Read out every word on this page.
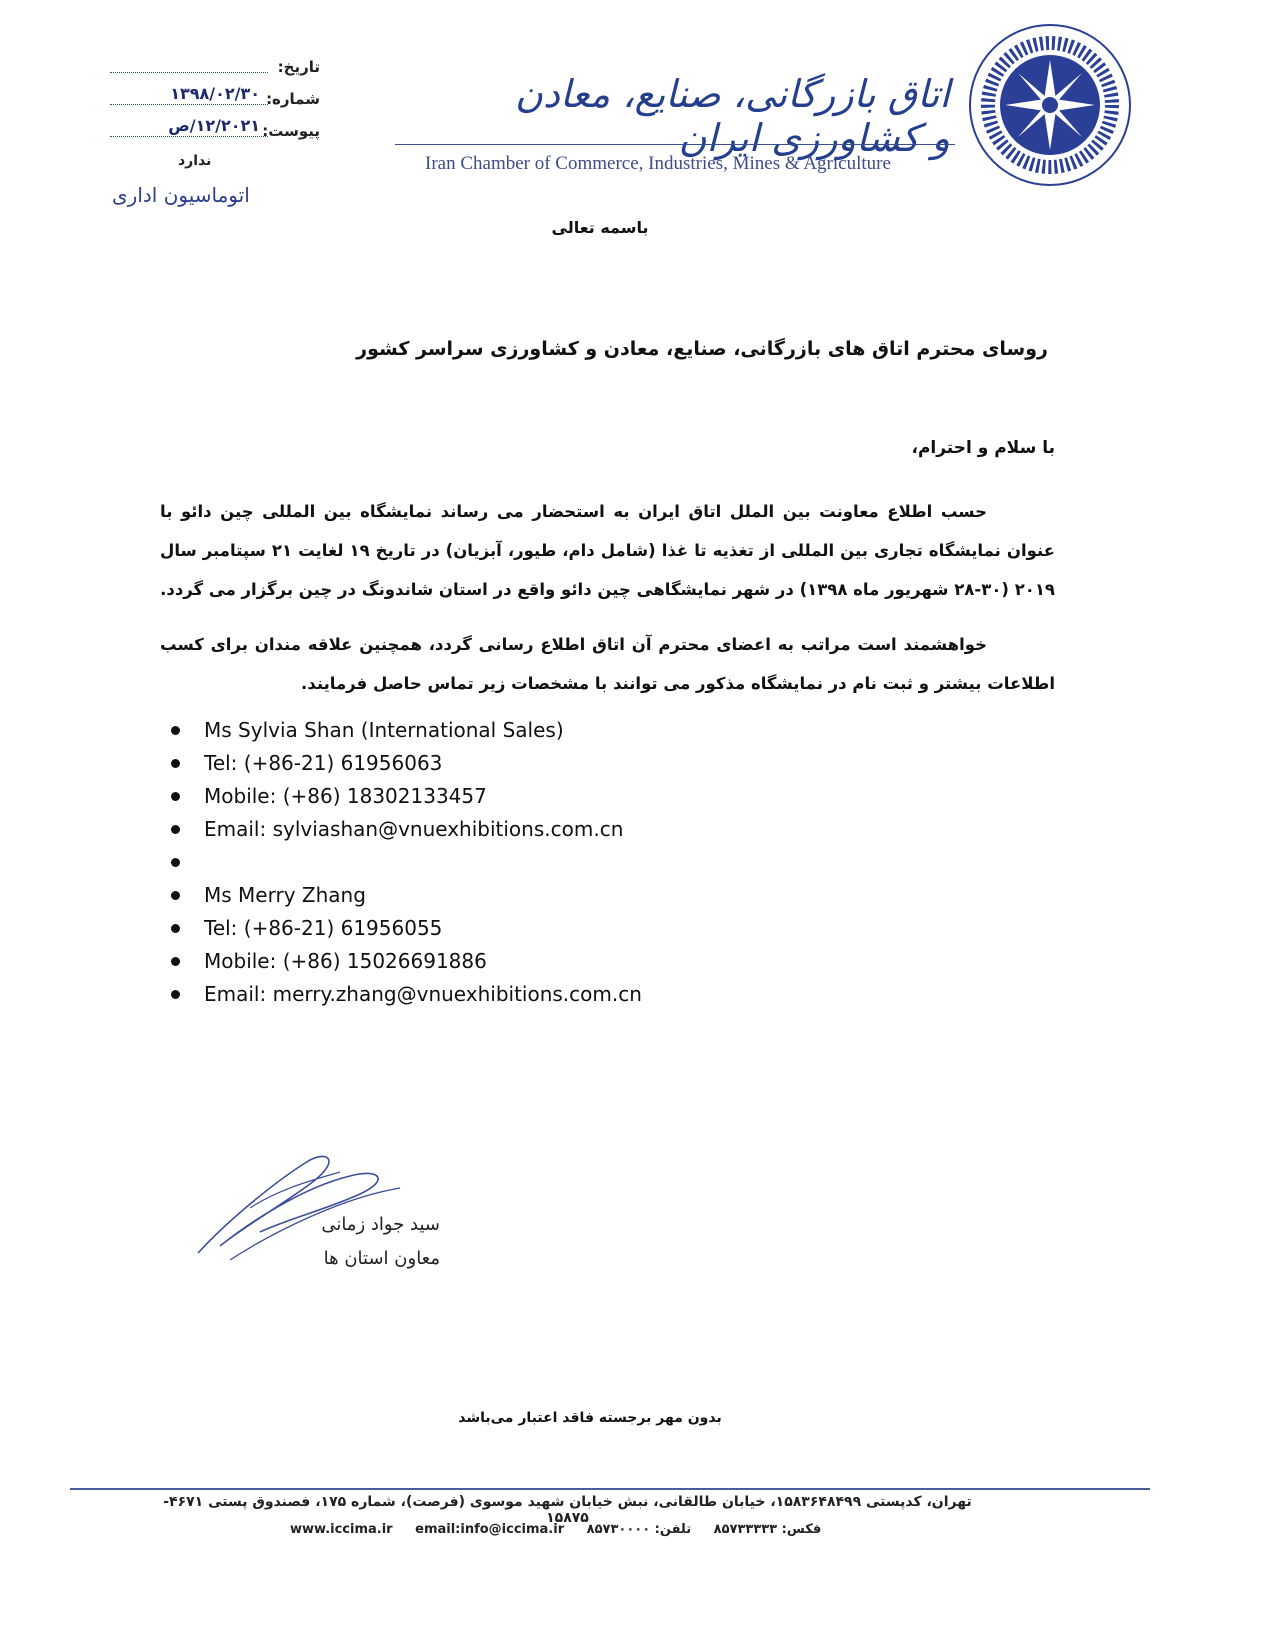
تاریخ:
شماره:
۱۳۹۸/۰۲/۳۰
پیوست:
۱۲/۲۰۲۱/ص
ندارد
اتوماسیون اداری
اتاق بازرگانی، صنایع، معادن و کشاورزی ایران
Iran Chamber of Commerce, Industries, Mines & Agriculture
باسمه تعالی
روسای محترم اتاق های بازرگانی، صنایع، معادن و کشاورزی سراسر کشور
با سلام و احترام،
حسب اطلاع معاونت بین الملل اتاق ایران به استحضار می رساند نمایشگاه بین المللی چین دائو با عنوان نمایشگاه تجاری بین المللی از تغذیه تا غذا (شامل دام، طیور، آبزیان) در تاریخ ۱۹ لغایت ۲۱ سپتامبر سال ۲۰۱۹ (۳۰-۲۸ شهریور ماه ۱۳۹۸) در شهر نمایشگاهی چین دائو واقع در استان شاندونگ در چین برگزار می گردد.
خواهشمند است مراتب به اعضای محترم آن اتاق اطلاع رسانی گردد، همچنین علاقه مندان برای کسب اطلاعات بیشتر و ثبت نام در نمایشگاه مذکور می توانند با مشخصات زیر تماس حاصل فرمایند.
Ms Sylvia Shan (International Sales)
Tel: (+86-21) 61956063
Mobile: (+86) 18302133457
Email: sylviashan@vnuexhibitions.com.cn
Ms Merry Zhang
Tel: (+86-21) 61956055
Mobile: (+86) 15026691886
Email: merry.zhang@vnuexhibitions.com.cn
سید جواد زمانی
معاون استان ها
بدون مهر برجسته فاقد اعتبار می‌باشد
تهران، کدپستی ۱۵۸۳۶۴۸۴۹۹، خیابان طالقانی، نبش خیابان شهید موسوی (فرصت)، شماره ۱۷۵، فصندوق پستی ۴۶۷۱- ۱۵۸۷۵
www.iccima.ir email:info@iccima.ir	فکس: ۸۵۷۳۳۳۳۳ تلفن: ۸۵۷۳۰۰۰۰
